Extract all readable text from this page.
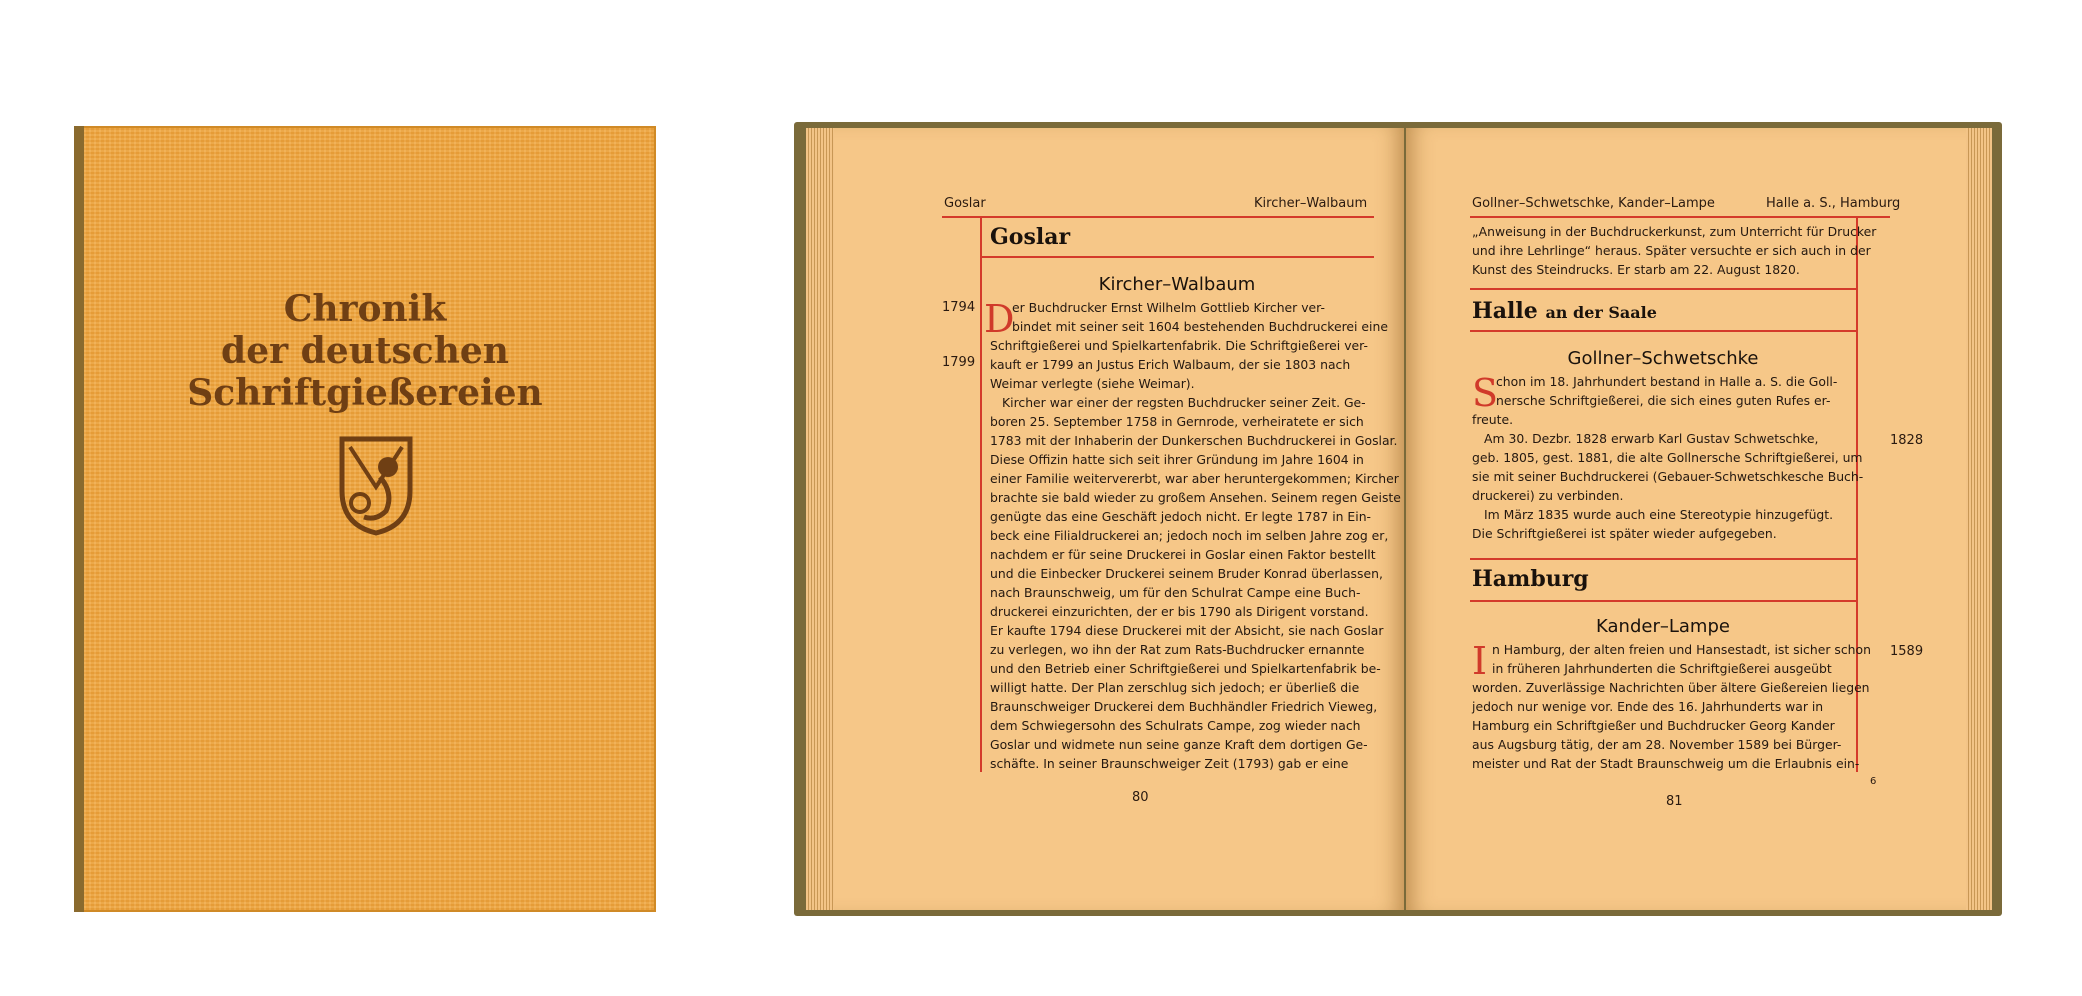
Chronik
der deutschen
Schriftgießereien
Goslar	Kircher–Walbaum
Goslar
Kircher–Walbaum
1794
1799
D
er Buchdrucker Ernst Wilhelm Gottlieb Kircher ver-
bindet mit seiner seit 1604 bestehenden Buchdruckerei eine
Schriftgießerei und Spielkartenfabrik. Die Schriftgießerei ver-
kauft er 1799 an Justus Erich Walbaum, der sie 1803 nach
Weimar verlegte (siehe Weimar).
Kircher war einer der regsten Buchdrucker seiner Zeit. Ge-
boren 25. September 1758 in Gernrode, verheiratete er sich
1783 mit der Inhaberin der Dunkerschen Buchdruckerei in Goslar.
Diese Offizin hatte sich seit ihrer Gründung im Jahre 1604 in
einer Familie weitervererbt, war aber heruntergekommen; Kircher
brachte sie bald wieder zu großem Ansehen. Seinem regen Geiste
genügte das eine Geschäft jedoch nicht. Er legte 1787 in Ein-
beck eine Filialdruckerei an; jedoch noch im selben Jahre zog er,
nachdem er für seine Druckerei in Goslar einen Faktor bestellt
und die Einbecker Druckerei seinem Bruder Konrad überlassen,
nach Braunschweig, um für den Schulrat Campe eine Buch-
druckerei einzurichten, der er bis 1790 als Dirigent vorstand.
Er kaufte 1794 diese Druckerei mit der Absicht, sie nach Goslar
zu verlegen, wo ihn der Rat zum Rats-Buchdrucker ernannte
und den Betrieb einer Schriftgießerei und Spielkartenfabrik be-
willigt hatte. Der Plan zerschlug sich jedoch; er überließ die
Braunschweiger Druckerei dem Buchhändler Friedrich Vieweg,
dem Schwiegersohn des Schulrats Campe, zog wieder nach
Goslar und widmete nun seine ganze Kraft dem dortigen Ge-
schäfte. In seiner Braunschweiger Zeit (1793) gab er eine
80
Gollner–Schwetschke, Kander–Lampe	Halle a. S., Hamburg
„Anweisung in der Buchdruckerkunst, zum Unterricht für Drucker
und ihre Lehrlinge“ heraus. Später versuchte er sich auch in der
Kunst des Steindrucks. Er starb am 22. August 1820.
Halle an der Saale
Gollner–Schwetschke
S
chon im 18. Jahrhundert bestand in Halle a. S. die Goll-
nersche Schriftgießerei, die sich eines guten Rufes er-
freute.
Am 30. Dezbr. 1828 erwarb Karl Gustav Schwetschke,
geb. 1805, gest. 1881, die alte Gollnersche Schriftgießerei, um
sie mit seiner Buchdruckerei (Gebauer-Schwetschkesche Buch-
druckerei) zu verbinden.
Im März 1835 wurde auch eine Stereotypie hinzugefügt.
Die Schriftgießerei ist später wieder aufgegeben.
1828
Hamburg
Kander–Lampe
I n Hamburg, der alten freien und Hansestadt, ist sicher schon
in früheren Jahrhunderten die Schriftgießerei ausgeübt
worden. Zuverlässige Nachrichten über ältere Gießereien liegen
jedoch nur wenige vor. Ende des 16. Jahrhunderts war in
Hamburg ein Schriftgießer und Buchdrucker Georg Kander
aus Augsburg tätig, der am 28. November 1589 bei Bürger-
meister und Rat der Stadt Braunschweig um die Erlaubnis ein-
1589
6
81
